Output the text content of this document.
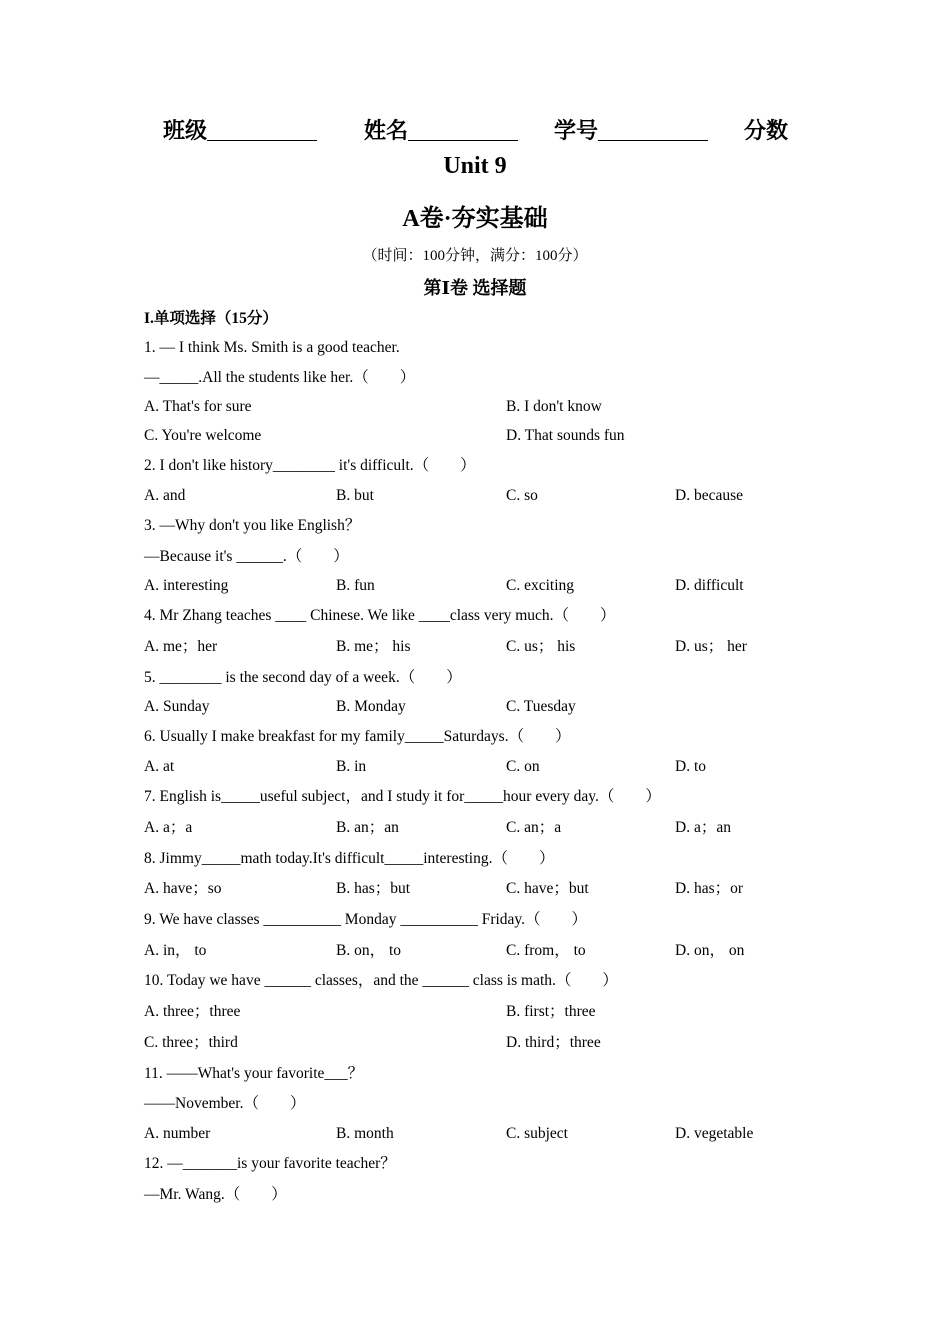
班级	姓名	学号	分数
Unit 9
A卷·夯实基础
（时间：100分钟，满分：100分）
第Ⅰ卷 选择题
I.单项选择（15分）
1. — I think Ms. Smith is a good teacher.
—_____.All the students like her.（　　）
A. That's for sure	B. I don't know
C. You're welcome	D. That sounds fun
2. I don't like history________ it's difficult.（　　）
A. and	B. but	C. so	D. because
3. —Why don't you like English？
—Because it's ______.（　　）
A. interesting	B. fun	C. exciting	D. difficult
4. Mr Zhang teaches ____ Chinese. We like ____class very much.（　　）
A. me；her	B. me； his	C. us； his	D. us； her
5. ________ is the second day of a week.（　　）
A. Sunday	B. Monday	C. Tuesday
6. Usually I make breakfast for my family_____Saturdays.（　　）
A. at	B. in	C. on	D. to
7. English is_____useful subject，and I study it for_____hour every day.（　　）
A. a；a	B. an；an	C. an；a	D. a；an
8. Jimmy_____math today.It's difficult_____interesting.（　　）
A. have；so	B. has；but	C. have；but	D. has；or
9. We have classes __________ Monday __________ Friday.（　　）
A. in， to	B. on， to	C. from， to	D. on， on
10. Today we have ______ classes，and the ______ class is math.（　　）
A. three；three	B. first；three
C. three；third	D. third；three
11. ——What's your favorite___？
——November.（　　）
A. number	B. month	C. subject	D. vegetable
12. —_______is your favorite teacher？
—Mr. Wang.（　　）
